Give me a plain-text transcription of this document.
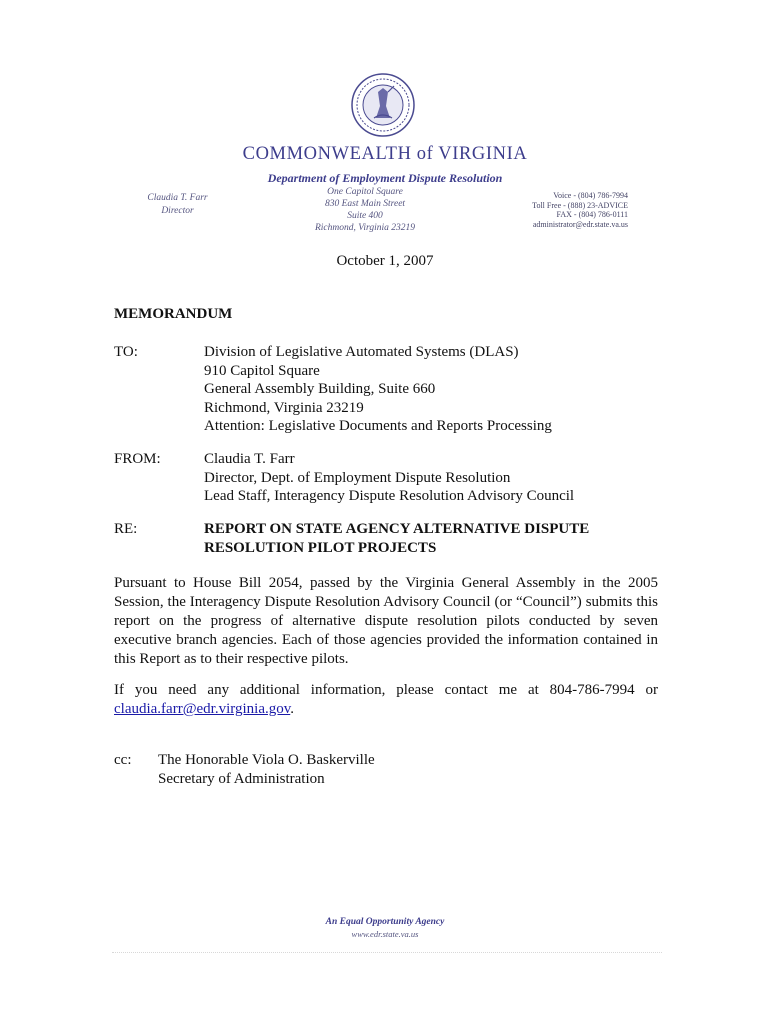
COMMONWEALTH of VIRGINIA
Department of Employment Dispute Resolution
Claudia T. Farr
Director
One Capitol Square
830 East Main Street
Suite 400
Richmond, Virginia 23219
Voice - (804) 786-7994
Toll Free - (888) 23-ADVICE
FAX - (804) 786-0111
administrator@edr.state.va.us
October 1, 2007
MEMORANDUM
TO:	Division of Legislative Automated Systems (DLAS)
910 Capitol Square
General Assembly Building, Suite 660
Richmond, Virginia 23219
Attention: Legislative Documents and Reports Processing
FROM:	Claudia T. Farr
Director, Dept. of Employment Dispute Resolution
Lead Staff, Interagency Dispute Resolution Advisory Council
RE:	REPORT ON STATE AGENCY ALTERNATIVE DISPUTE
RESOLUTION PILOT PROJECTS
Pursuant to House Bill 2054, passed by the Virginia General Assembly in the 2005 Session, the Interagency Dispute Resolution Advisory Council (or “Council”) submits this report on the progress of alternative dispute resolution pilots conducted by seven executive branch agencies. Each of those agencies provided the information contained in this Report as to their respective pilots.
If you need any additional information, please contact me at 804-786-7994 or claudia.farr@edr.virginia.gov.
cc: The Honorable Viola O. Baskerville
Secretary of Administration
An Equal Opportunity Agency
www.edr.state.va.us
